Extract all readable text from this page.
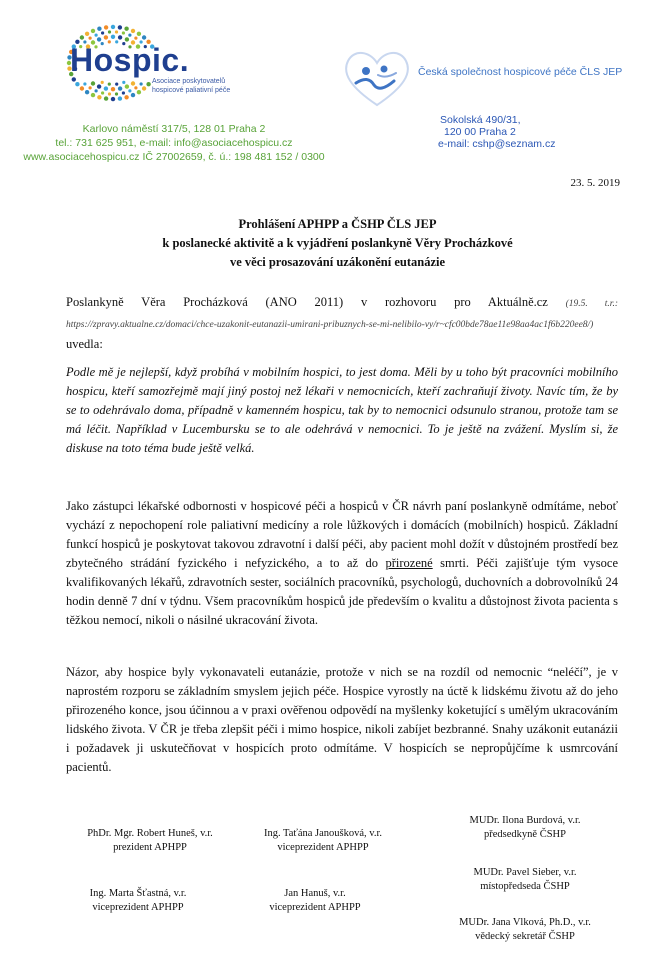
Hospic.
Asociace poskytovatelů
hospicové paliativní péče
Karlovo náměstí 317/5, 128 01 Praha 2
tel.: 731 625 951, e-mail: info@asociacehospicu.cz
www.asociacehospicu.cz IČ 27002659, č. ú.: 198 481 152 / 0300
Česká společnost hospicové péče ČLS JEP
Sokolská 490/31,
120 00 Praha 2
e-mail: cshp@seznam.cz
23. 5. 2019
Prohlášení APHPP a ČSHP ČLS JEP
k poslanecké aktivitě a k vyjádření poslankyně Věry Procházkové
ve věci prosazování uzákonění eutanázie
Poslankyně Věra Procházková (ANO 2011) v rozhovoru pro Aktuálně.cz (19.5. t.r.: https://zpravy.aktualne.cz/domaci/chce-uzakonit-eutanazii-umirani-pribuznych-se-mi-nelibilo-vy/r~cfc00bde78ae11e98aa4ac1f6b220ee8/) uvedla:
Podle mě je nejlepší, když probíhá v mobilním hospici, to jest doma. Měli by u toho být pracovníci mobilního hospicu, kteří samozřejmě mají jiný postoj než lékaři v nemocnicích, kteří zachraňují životy. Navíc tím, že by se to odehrávalo doma, případně v kamenném hospicu, tak by to nemocnici odsunulo stranou, protože tam se má léčit. Například v Lucembursku se to ale odehrává v nemocnici. To je ještě na zvážení. Myslím si, že diskuse na toto téma bude ještě velká.
Jako zástupci lékařské odbornosti v hospicové péči a hospiců v ČR návrh paní poslankyně odmítáme, neboť vychází z nepochopení role paliativní medicíny a role lůžkových i domácích (mobilních) hospiců. Základní funkcí hospiců je poskytovat takovou zdravotní i další péči, aby pacient mohl dožít v důstojném prostředí bez zbytečného strádání fyzického i nefyzického, a to až do přirozené smrti. Péči zajišťuje tým vysoce kvalifikovaných lékařů, zdravotních sester, sociálních pracovníků, psychologů, duchovních a dobrovolníků 24 hodin denně 7 dní v týdnu. Všem pracovníkům hospiců jde především o kvalitu a důstojnost života pacienta s těžkou nemocí, nikoli o násilné ukracování života.
Názor, aby hospice byly vykonavateli eutanázie, protože v nich se na rozdíl od nemocnic “neléčí”, je v naprostém rozporu se základním smyslem jejich péče. Hospice vyrostly na úctě k lidskému životu až do jeho přirozeného konce, jsou účinnou a v praxi ověřenou odpovědí na myšlenky koketující s umělým ukracováním lidského života. V ČR je třeba zlepšit péči i mimo hospice, nikoli zabíjet bezbranné. Snahy uzákonit eutanázii i požadavek ji uskutečňovat v hospicích proto odmítáme. V hospicích se nepropůjčíme k usmrcování pacientů.
PhDr. Mgr. Robert Huneš, v.r.
prezident APHPP
Ing. Taťána Janoušková, v.r.
viceprezident APHPP
MUDr. Ilona Burdová, v.r.
předsedkyně ČSHP
Ing. Marta Šťastná, v.r.
viceprezident APHPP
Jan Hanuš, v.r.
viceprezident APHPP
MUDr. Pavel Sieber, v.r.
místopředseda ČSHP
MUDr. Jana Vlková, Ph.D., v.r.
vědecký sekretář ČSHP
